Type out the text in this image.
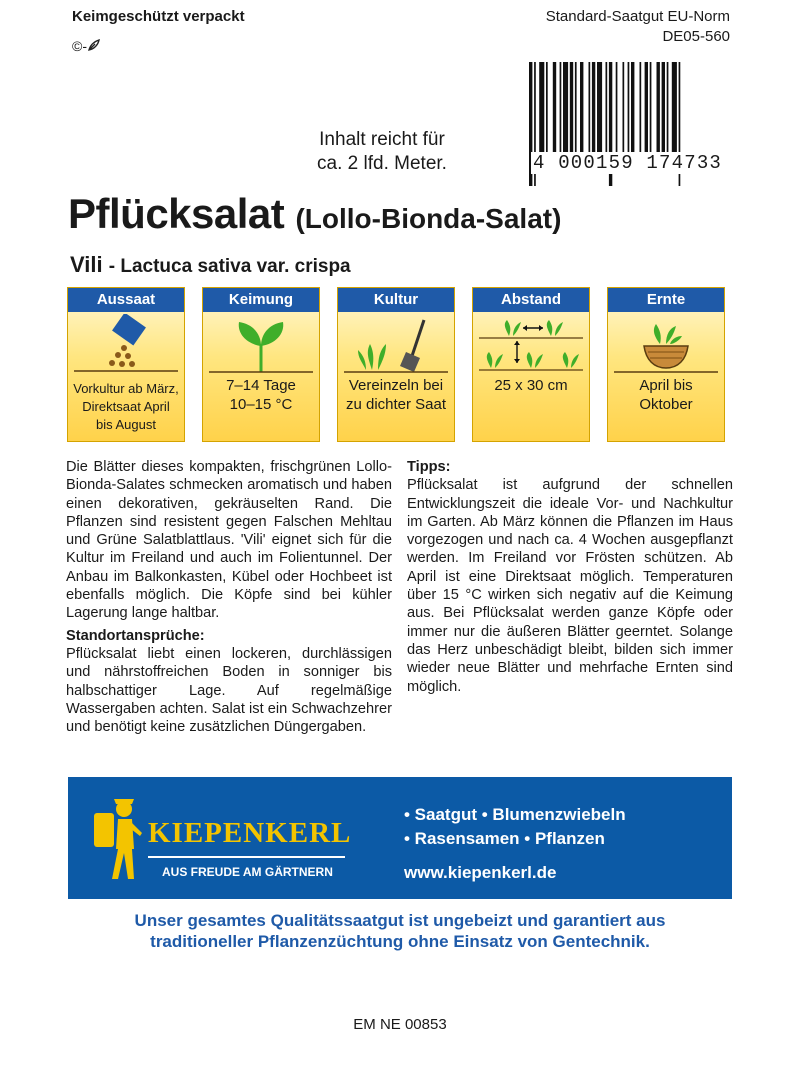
Keimgeschützt verpackt
©-
Standard-Saatgut EU-Norm
DE05-560
4 000159 174733
Inhalt reicht für
ca. 2 lfd. Meter.
Pflücksalat (Lollo-Bionda-Salat)
Vili - Lactuca sativa var. crispa
Aussaat
Vorkultur ab März,
Direktsaat April
bis August
Keimung
7–14 Tage
10–15 °C
Kultur
Vereinzeln bei
zu dichter Saat
Abstand
25 x 30 cm
Ernte
April bis
Oktober

Die Blätter dieses kompakten, frischgrünen Lollo-Bionda-Salates schmecken aromatisch und haben einen dekorativen, gekräuselten Rand. Die Pflanzen sind resistent gegen Falschen Mehltau und Grüne Salatblattlaus. 'Vili' eignet sich für die Kultur im Freiland und auch im Folientunnel. Der Anbau im Balkonkasten, Kübel oder Hochbeet ist ebenfalls möglich. Die Köpfe sind bei kühler Lagerung lange haltbar.

Standortansprüche:

Pflücksalat liebt einen lockeren, durchlässigen und nährstoffreichen Boden in sonniger bis halbschattiger Lage. Auf regelmäßige Wassergaben achten. Salat ist ein Schwachzehrer und benötigt keine zusätzlichen Düngergaben.

Tipps:

Pflücksalat ist aufgrund der schnellen Entwicklungszeit die ideale Vor- und Nachkultur im Garten. Ab März können die Pflanzen im Haus vorgezogen und nach ca. 4 Wochen ausgepflanzt werden. Im Freiland vor Frösten schützen. Ab April ist eine Direktsaat möglich. Temperaturen über 15 °C wirken sich negativ auf die Keimung aus. Bei Pflücksalat werden ganze Köpfe oder immer nur die äußeren Blätter geerntet. Solange das Herz unbeschädigt bleibt, bilden sich immer wieder neue Blätter und mehrfache Ernten sind möglich.

KIEPENKERL
AUS FREUDE AM GÄRTNERN
• Saatgut • Blumenzwiebeln
• Rasensamen • Pflanzen
www.kiepenkerl.de
Unser gesamtes Qualitätssaatgut ist ungebeizt und garantiert aus
traditioneller Pflanzenzüchtung ohne Einsatz von Gentechnik.
EM NE 00853
